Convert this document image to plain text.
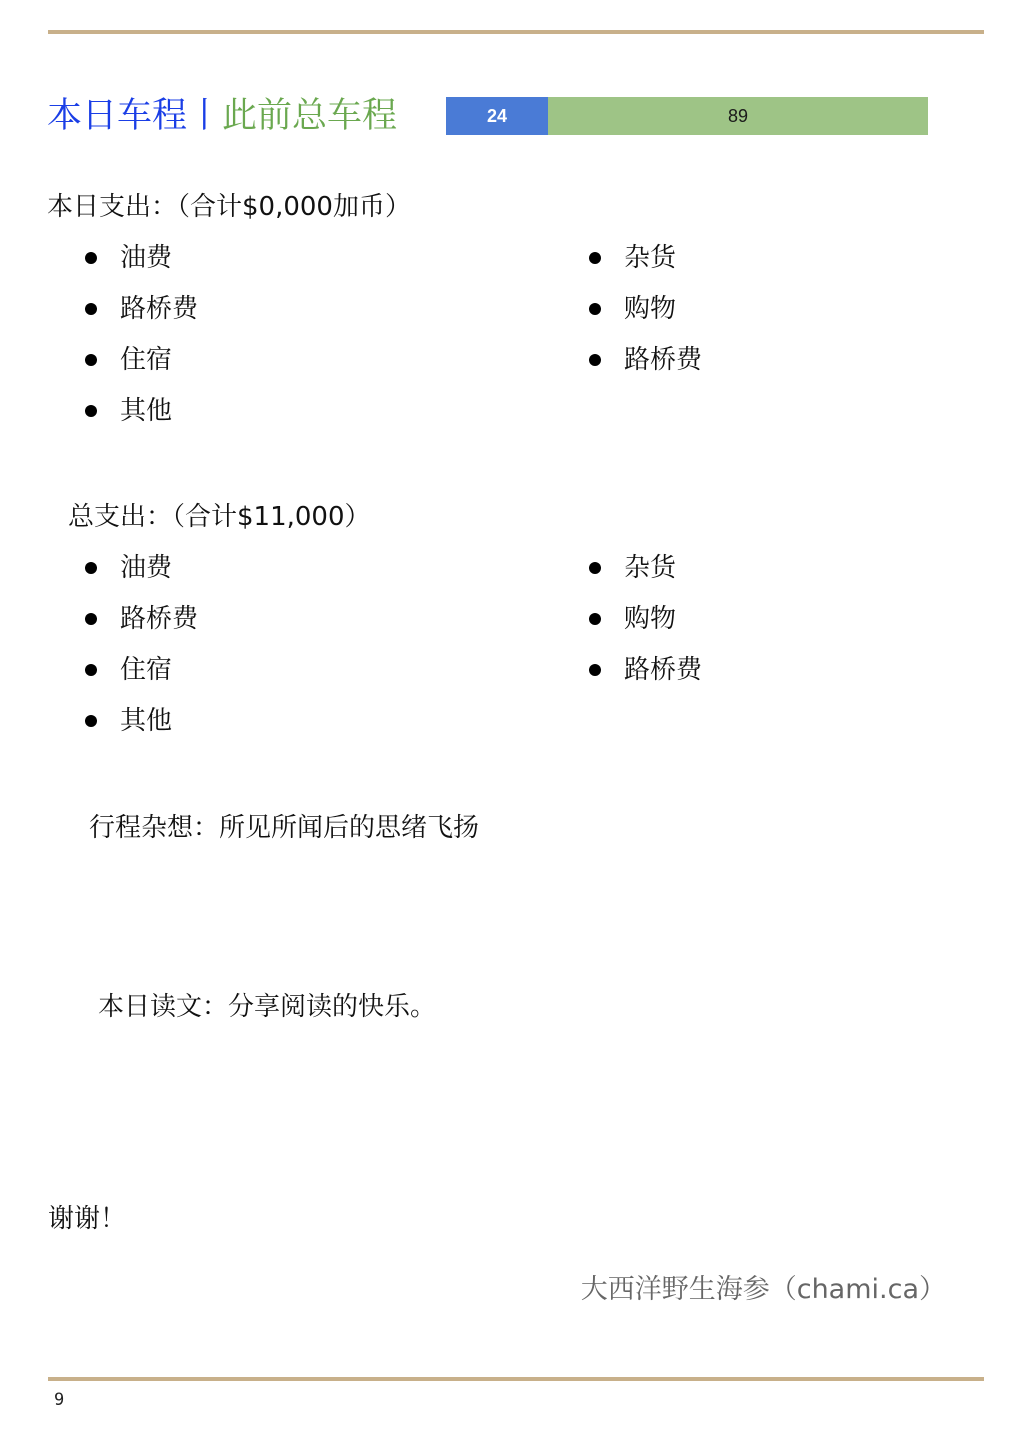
本日车程丨此前总车程	24	89
本日支出：（合计$0,000加币）
油费
路桥费
住宿
其他
杂货
购物
路桥费
总支出：（合计$11,000）
油费
路桥费
住宿
其他
杂货
购物
路桥费
行程杂想：所见所闻后的思绪飞扬
本日读文：分享阅读的快乐。
谢谢！
大西洋野生海参（chami.ca）
9
